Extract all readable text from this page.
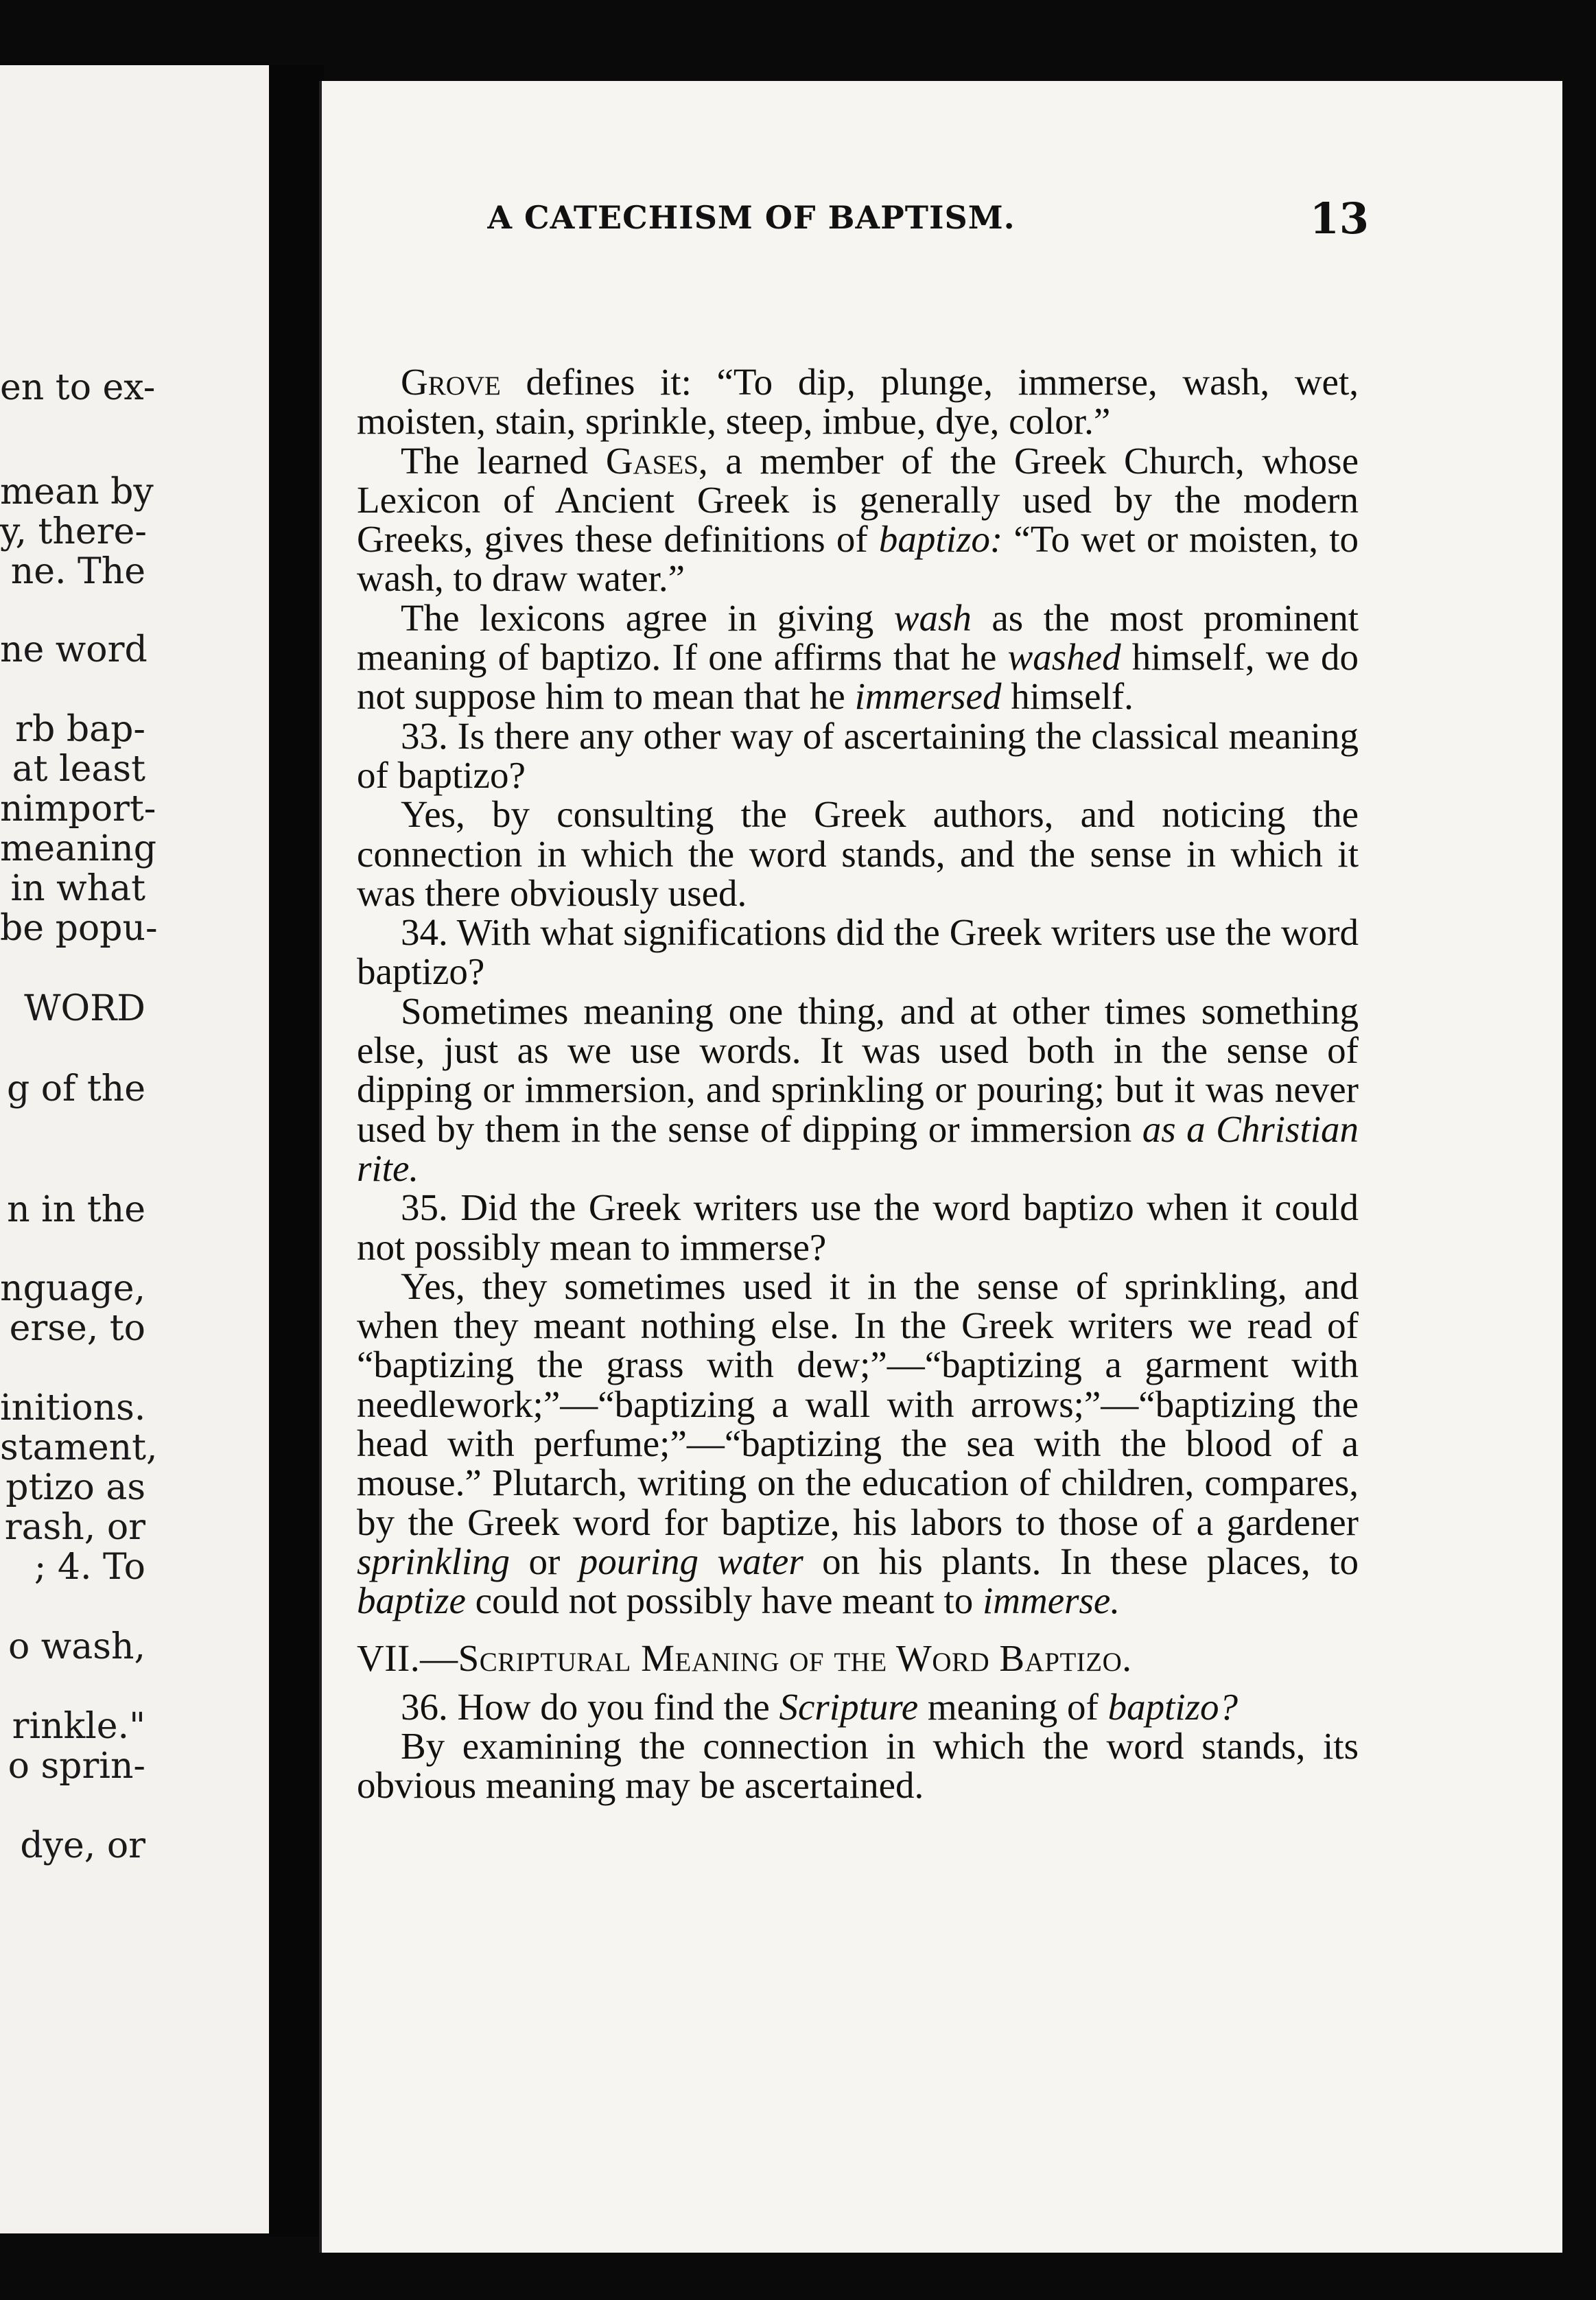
en to ex-
mean by
y, there-
ne. The
ne word
rb bap-
at least
nimport-
meaning
in what
be popu-
WORD
g of the
n in the
nguage,
erse, to
initions.
stament,
ptizo as
rash, or
; 4. To
o wash,
rinkle."
o sprin-
dye, or
A CATECHISM OF BAPTISM.	13

Grove defines it: “To dip, plunge, immerse, wash, wet, moisten, stain, sprinkle, steep, imbue, dye, color.”

The learned Gases, a member of the Greek Church, whose Lexicon of Ancient Greek is generally used by the modern Greeks, gives these definitions of baptizo: “To wet or moisten, to wash, to draw water.”

The lexicons agree in giving wash as the most prominent meaning of baptizo. If one affirms that he washed himself, we do not suppose him to mean that he immersed himself.

33. Is there any other way of ascertaining the classical meaning of baptizo?

Yes, by consulting the Greek authors, and noticing the connection in which the word stands, and the sense in which it was there obviously used.

34. With what significations did the Greek writers use the word baptizo?

Sometimes meaning one thing, and at other times something else, just as we use words. It was used both in the sense of dipping or immersion, and sprinkling or pouring; but it was never used by them in the sense of dipping or immersion as a Christian rite.

35. Did the Greek writers use the word baptizo when it could not possibly mean to immerse?

Yes, they sometimes used it in the sense of sprinkling, and when they meant nothing else. In the Greek writers we read of “baptizing the grass with dew;”—“baptizing a garment with needlework;”—“baptizing a wall with arrows;”—“baptizing the head with perfume;”—“baptizing the sea with the blood of a mouse.” Plutarch, writing on the education of children, compares, by the Greek word for baptize, his labors to those of a gardener sprinkling or pouring water on his plants. In these places, to baptize could not possibly have meant to immerse.

VII.—Scriptural Meaning of the Word Baptizo.

36. How do you find the Scripture meaning of baptizo?

By examining the connection in which the word stands, its obvious meaning may be ascertained.
